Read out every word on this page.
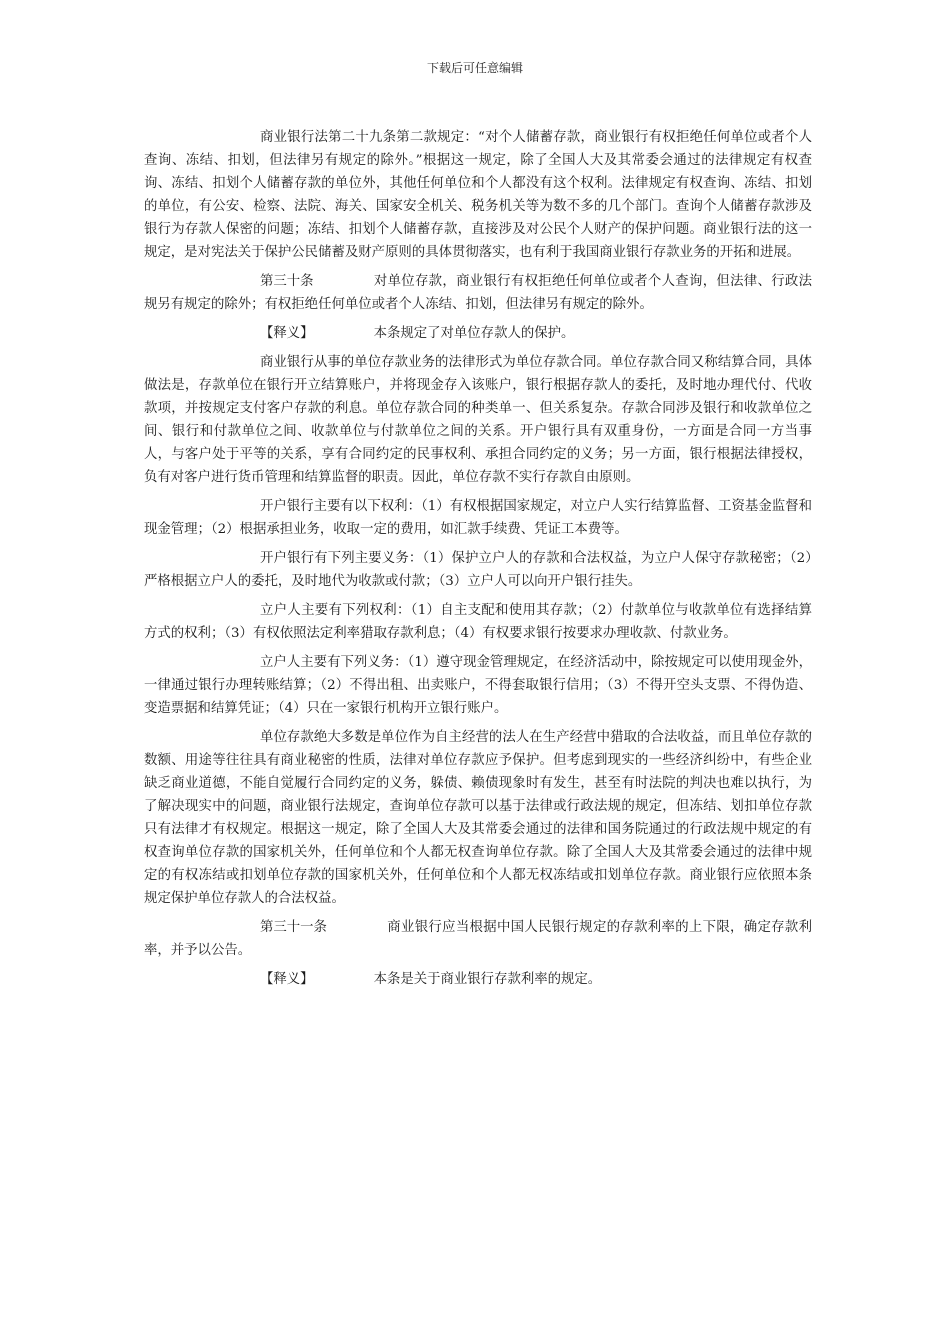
下载后可任意编辑

商业银行法第二十九条第二款规定：“对个人储蓄存款，商业银行有权拒绝任何单位或者个人查询、冻结、扣划，但法律另有规定的除外。”根据这一规定，除了全国人大及其常委会通过的法律规定有权查询、冻结、扣划个人储蓄存款的单位外，其他任何单位和个人都没有这个权利。法律规定有权查询、冻结、扣划的单位，有公安、检察、法院、海关、国家安全机关、税务机关等为数不多的几个部门。查询个人储蓄存款涉及银行为存款人保密的问题；冻结、扣划个人储蓄存款，直接涉及对公民个人财产的保护问题。商业银行法的这一规定，是对宪法关于保护公民储蓄及财产原则的具体贯彻落实，也有利于我国商业银行存款业务的开拓和进展。

第三十条	对单位存款，商业银行有权拒绝任何单位或者个人查询，但法律、行政法规另有规定的除外；有权拒绝任何单位或者个人冻结、扣划，但法律另有规定的除外。

【释义】	本条规定了对单位存款人的保护。

商业银行从事的单位存款业务的法律形式为单位存款合同。单位存款合同又称结算合同，具体做法是，存款单位在银行开立结算账户，并将现金存入该账户，银行根据存款人的委托，及时地办理代付、代收款项，并按规定支付客户存款的利息。单位存款合同的种类单一、但关系复杂。存款合同涉及银行和收款单位之间、银行和付款单位之间、收款单位与付款单位之间的关系。开户银行具有双重身份，一方面是合同一方当事人，与客户处于平等的关系，享有合同约定的民事权利、承担合同约定的义务；另一方面，银行根据法律授权，负有对客户进行货币管理和结算监督的职责。因此，单位存款不实行存款自由原则。

开户银行主要有以下权利：（1）有权根据国家规定，对立户人实行结算监督、工资基金监督和现金管理；（2）根据承担业务，收取一定的费用，如汇款手续费、凭证工本费等。

开户银行有下列主要义务：（1）保护立户人的存款和合法权益，为立户人保守存款秘密；（2）严格根据立户人的委托，及时地代为收款或付款；（3）立户人可以向开户银行挂失。

立户人主要有下列权利：（1）自主支配和使用其存款；（2）付款单位与收款单位有选择结算方式的权利；（3）有权依照法定利率猎取存款利息；（4）有权要求银行按要求办理收款、付款业务。

立户人主要有下列义务：（1）遵守现金管理规定，在经济活动中，除按规定可以使用现金外，一律通过银行办理转账结算；（2）不得出租、出卖账户，不得套取银行信用；（3）不得开空头支票、不得伪造、变造票据和结算凭证；（4）只在一家银行机构开立银行账户。

单位存款绝大多数是单位作为自主经营的法人在生产经营中猎取的合法收益，而且单位存款的数额、用途等往往具有商业秘密的性质，法律对单位存款应予保护。但考虑到现实的一些经济纠纷中，有些企业缺乏商业道德，不能自觉履行合同约定的义务，躲债、赖债现象时有发生，甚至有时法院的判决也难以执行，为了解决现实中的问题，商业银行法规定，查询单位存款可以基于法律或行政法规的规定，但冻结、划扣单位存款只有法律才有权规定。根据这一规定，除了全国人大及其常委会通过的法律和国务院通过的行政法规中规定的有权查询单位存款的国家机关外，任何单位和个人都无权查询单位存款。除了全国人大及其常委会通过的法律中规定的有权冻结或扣划单位存款的国家机关外，任何单位和个人都无权冻结或扣划单位存款。商业银行应依照本条规定保护单位存款人的合法权益。

第三十一条	商业银行应当根据中国人民银行规定的存款利率的上下限，确定存款利率，并予以公告。

【释义】	本条是关于商业银行存款利率的规定。
